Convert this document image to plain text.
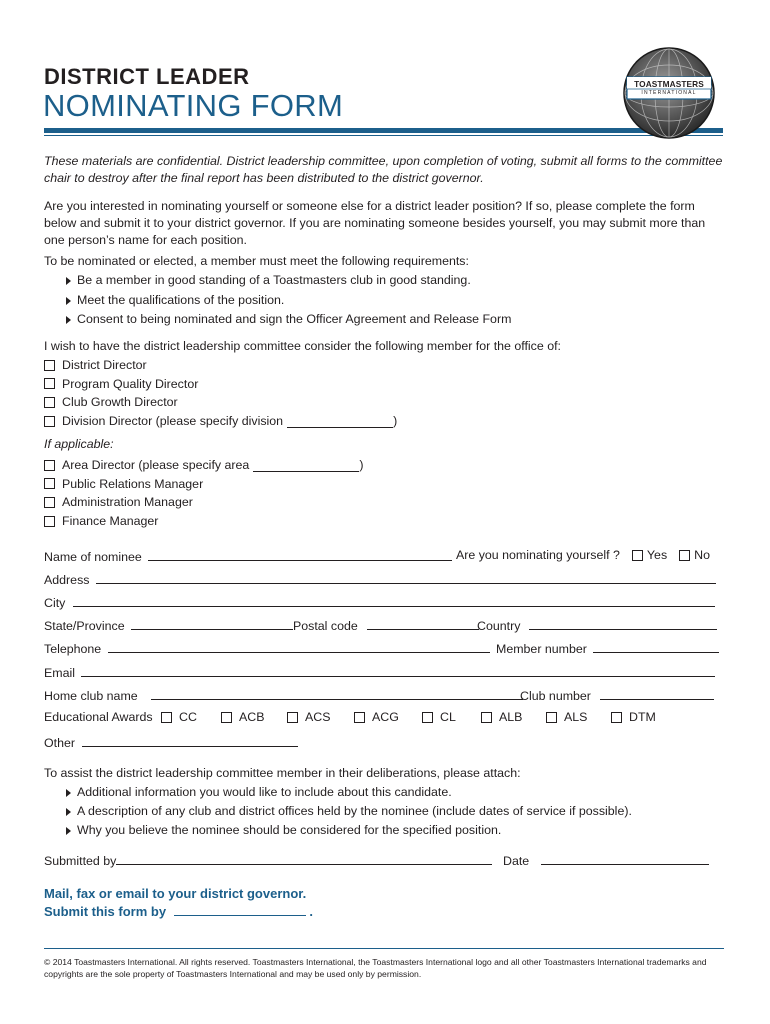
DISTRICT LEADER
NOMINATING FORM
TOASTMASTERS
INTERNATIONAL
These materials are confidential. District leadership committee, upon completion of voting, submit all forms to the committee chair to destroy after the final report has been distributed to the district governor.
Are you interested in nominating yourself or someone else for a district leader position? If so, please complete the form below and submit it to your district governor. If you are nominating someone besides yourself, you may submit more than one person’s name for each position.
To be nominated or elected, a member must meet the following requirements:
Be a member in good standing of a Toastmasters club in good standing.
Meet the qualifications of the position.
Consent to being nominated and sign the Officer Agreement and Release Form
I wish to have the district leadership committee consider the following member for the office of:
District Director
Program Quality Director
Club Growth Director
Division Director (please specify division	)
If applicable:
Area Director (please specify area	)
Public Relations Manager
Administration Manager
Finance Manager
Name of nominee	Are you nominating yourself ? Yes No
Address
City
State/Province	Postal code	Country
Telephone	Member number
Email
Home club name	Club number
Educational Awards CC	ACB	ACS	ACG	CL	ALB	ALS	DTM
Other
To assist the district leadership committee member in their deliberations, please attach:
Additional information you would like to include about this candidate.
A description of any club and district offices held by the nominee (include dates of service if possible).
Why you believe the nominee should be considered for the specified position.
Submitted by	Date
Mail, fax or email to your district governor.
Submit this form by	.
© 2014 Toastmasters International. All rights reserved. Toastmasters International, the Toastmasters International logo and all other Toastmasters International trademarks and copyrights are the sole property of Toastmasters International and may be used only by permission.
